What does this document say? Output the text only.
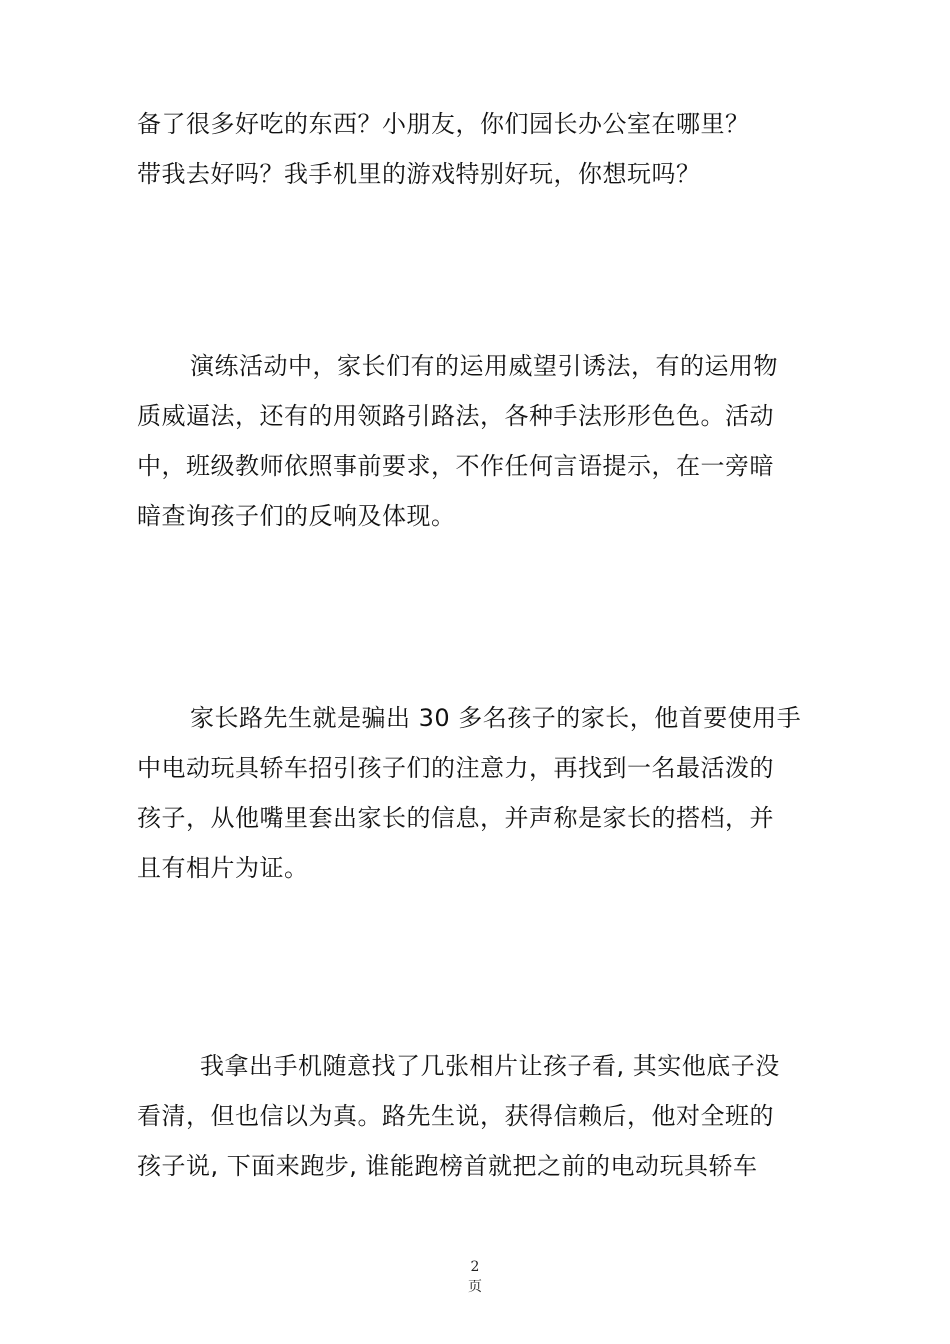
备了很多好吃的东西？小朋友，你们园长办公室在哪里？
带我去好吗？我手机里的游戏特别好玩，你想玩吗？
演练活动中，家长们有的运用威望引诱法，有的运用物
质威逼法，还有的用领路引路法，各种手法形形色色。活动
中，班级教师依照事前要求，不作任何言语提示，在一旁暗
暗查询孩子们的反响及体现。
家长路先生就是骗出 30 多名孩子的家长，他首要使用手
中电动玩具轿车招引孩子们的注意力，再找到一名最活泼的
孩子，从他嘴里套出家长的信息，并声称是家长的搭档，并
且有相片为证。
我拿出手机随意找了几张相片让孩子看, 其实他底子没
看清，但也信以为真。路先生说，获得信赖后，他对全班的
孩子说, 下面来跑步, 谁能跑榜首就把之前的电动玩具轿车
2
页
